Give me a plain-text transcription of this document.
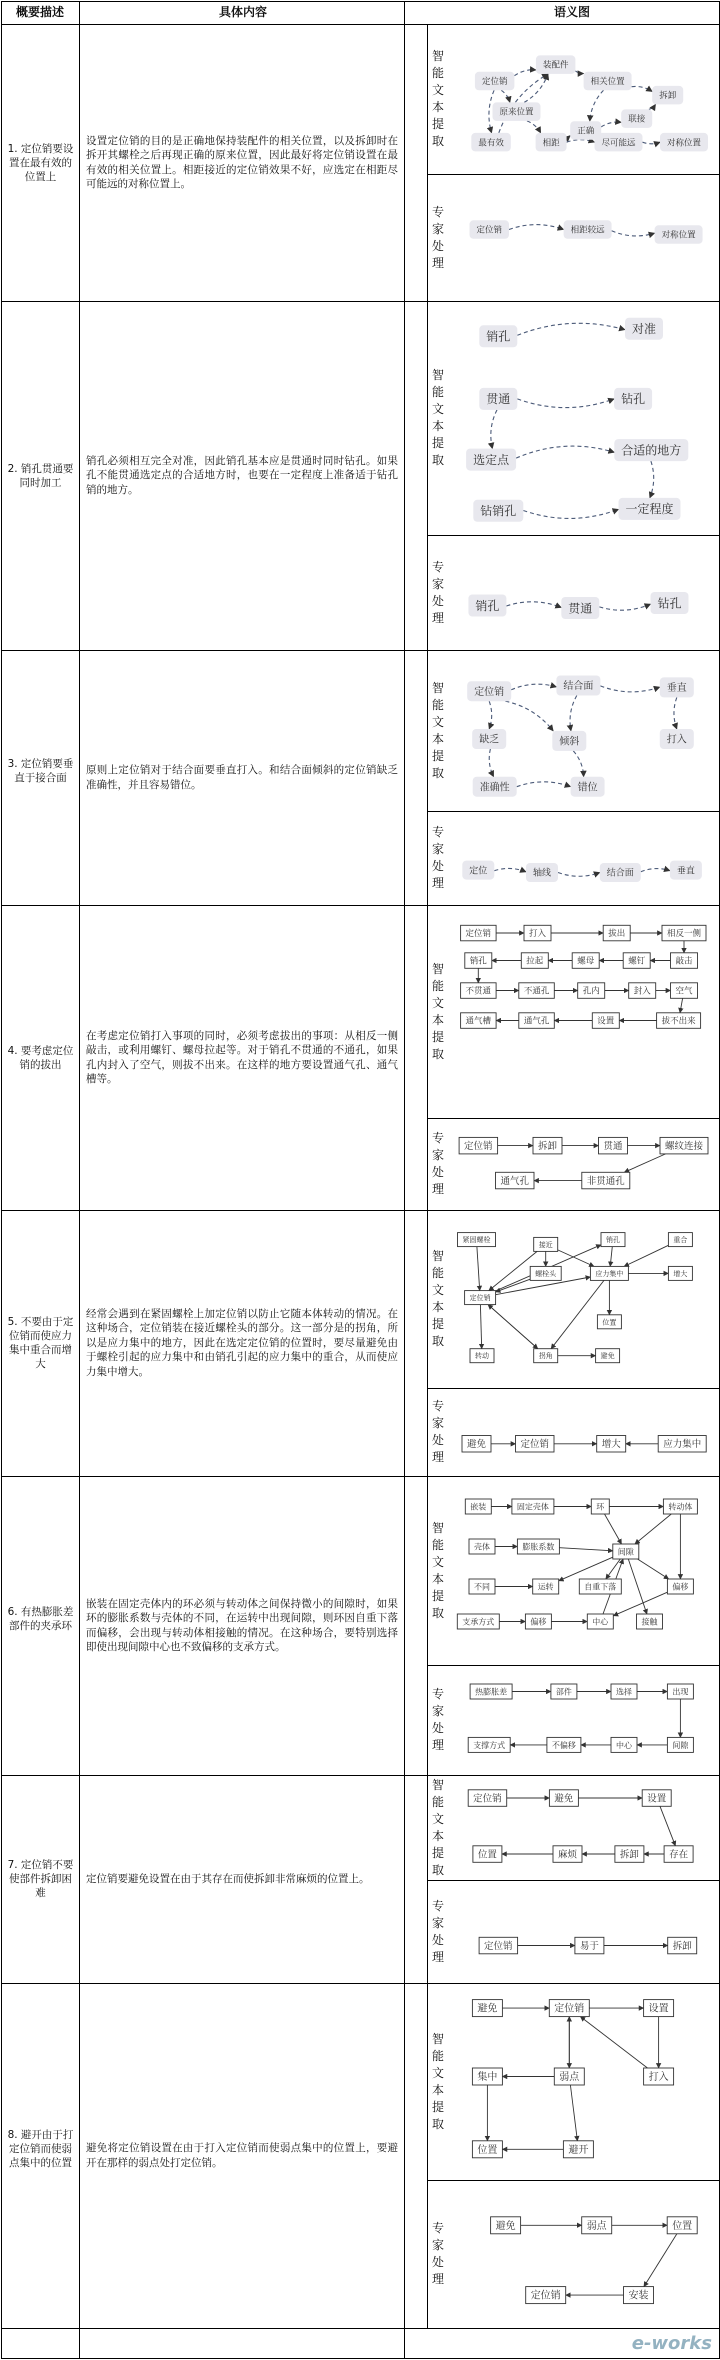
概要描述	具体内容	语义图
e-works
1. 定位销要设置在最有效的位置上
设置定位销的目的是正确地保持装配件的相关位置，以及拆卸时在拆开其螺栓之后再现正确的原来位置，因此最好将定位销设置在最有效的相关位置上。相距接近的定位销效果不好，应选定在相距尽可能远的对称位置上。
智能文本提取
专家处理
定位销
装配件
相关位置
拆卸
原来位置
联接
正确
最有效	相距	尽可能远	对称位置
定位销	相距较远	对称位置
2. 销孔贯通要同时加工
销孔必须相互完全对准，因此销孔基本应是贯通时同时钻孔。如果孔不能贯通选定点的合适地方时，也要在一定程度上准备适于钻孔销的地方。
智能文本提取
专家处理
销孔
对准
贯通	钻孔
选定点
合适的地方
钻销孔	一定程度
销孔	贯通	钻孔
3. 定位销要垂直于接合面
原则上定位销对于结合面要垂直打入。和结合面倾斜的定位销缺乏准确性，并且容易错位。
智能文本提取
专家处理
定位销
结合面	垂直
缺乏	倾斜	打入
准确性	错位
定位	轴线	结合面	垂直
4. 要考虑定位销的拔出
在考虑定位销打入事项的同时，必须考虑拔出的事项：从相反一侧敲击，或利用螺钉、螺母拉起等。对于销孔不贯通的不通孔，如果孔内封入了空气，则拔不出来。在这样的地方要设置通气孔、通气槽等。
智能文本提取
专家处理
定位销	打入	拔出	相反一侧
销孔	拉起	螺母	螺钉	敲击
不贯通	不通孔	孔内	封入	空气
通气槽	通气孔	设置	拔不出来
定位销	拆卸	贯通	螺纹连接
通气孔	非贯通孔
5. 不要由于定位销而使应力集中重合而增大
经常会遇到在紧固螺栓上加定位销以防止它随本体转动的情况。在这种场合，定位销装在接近螺栓头的部分。这一部分是的拐角，所以是应力集中的地方，因此在选定定位销的位置时，要尽量避免由于螺栓引起的应力集中和由销孔引起的应力集中的重合，从而使应力集中增大。
智能文本提取
专家处理
紧固螺栓
接近
销孔	重合
螺栓头	应力集中	增大
定位销
位置
转动	拐角	避免
避免	定位销	增大	应力集中
6. 有热膨胀差部件的夹承环
嵌装在固定壳体内的环必须与转动体之间保持微小的间隙时，如果环的膨胀系数与壳体的不同，在运转中出现间隙，则环因自重下落而偏移，会出现与转动体相接触的情况。在这种场合，要特别选择即使出现间隙中心也不致偏移的支承方式。
智能文本提取
专家处理
嵌装	固定壳体	环	转动体
壳体	膨胀系数
间隙
不同	运转	自重下落	偏移
支承方式	偏移	中心	接触
热膨胀差	部件	选择	出现
支撑方式	不偏移	中心	间隙
7. 定位销不要使部件拆卸困难
定位销要避免设置在由于其存在而使拆卸非常麻烦的位置上。
智能文本提取
专家处理
定位销	避免	设置
位置	麻烦	拆卸	存在
定位销	易于	拆卸
8. 避开由于打定位销而使弱点集中的位置
避免将定位销设置在由于打入定位销而使弱点集中的位置上，要避开在那样的弱点处打定位销。
智能文本提取
专家处理
避免	定位销	设置
集中	弱点	打入
位置	避开
避免	弱点	位置
定位销	安装
